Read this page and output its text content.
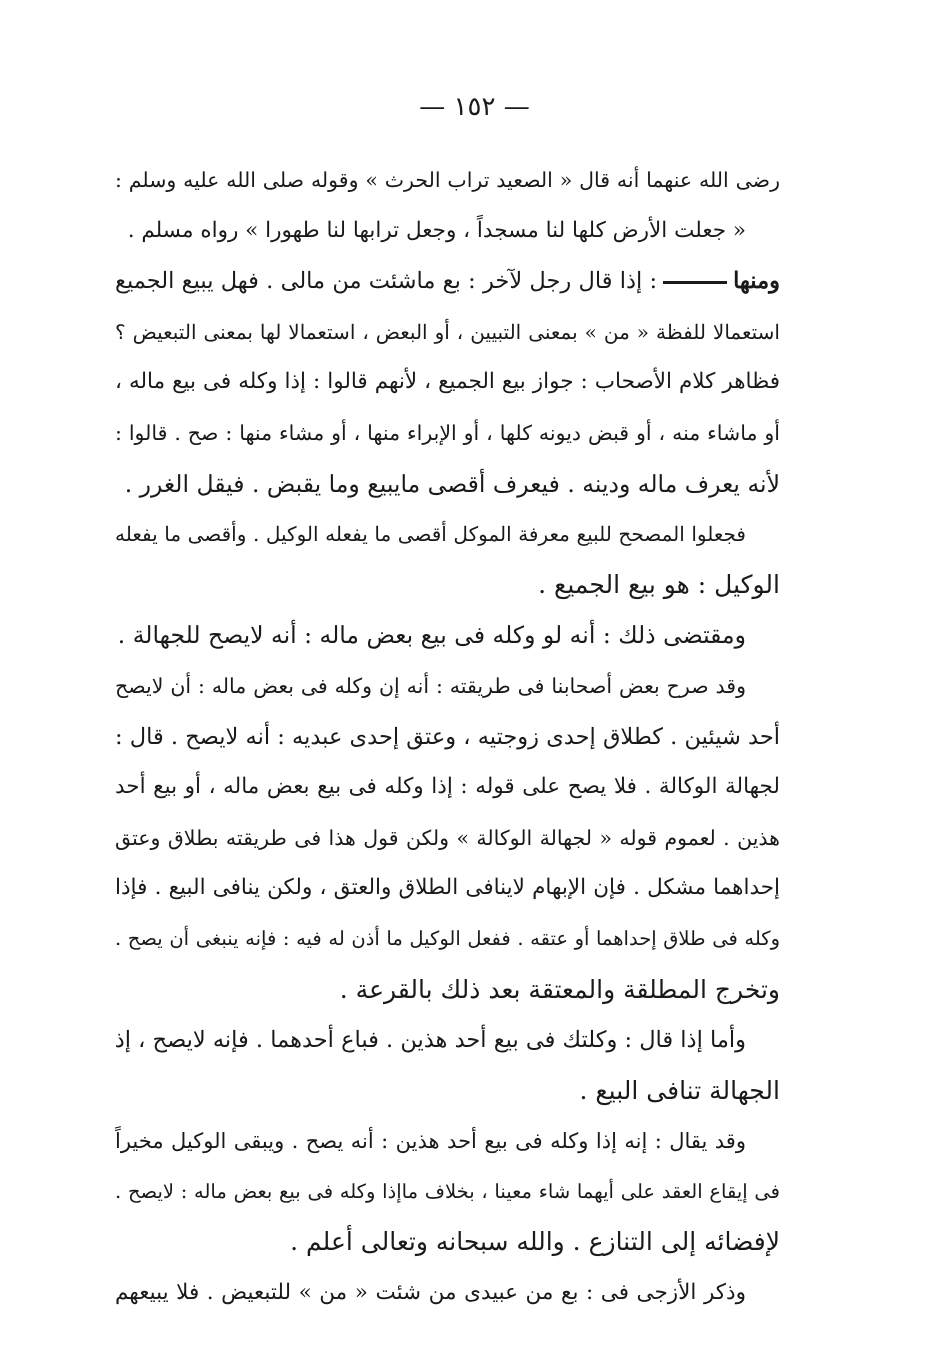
— ١٥٢ —
رضى الله عنهما أنه قال « الصعيد تراب الحرث » وقوله صلى الله عليه وسلم :
« جعلت الأرض كلها لنا مسجداً ، وجعل ترابها لنا طهورا » رواه مسلم .
ومنها: إذا قال رجل لآخر : بع ماشئت من مالى . فهل يبيع الجميع
استعمالا للفظة « من » بمعنى التبيين ، أو البعض ، استعمالا لها بمعنى التبعيض ؟
فظاهر كلام الأصحاب : جواز بيع الجميع ، لأنهم قالوا : إذا وكله فى بيع ماله ،
أو ماشاء منه ، أو قبض ديونه كلها ، أو الإبراء منها ، أو مشاء منها : صح . قالوا :
لأنه يعرف ماله ودينه . فيعرف أقصى مايبيع وما يقبض . فيقل الغرر .
فجعلوا المصحح للبيع معرفة الموكل أقصى ما يفعله الوكيل . وأقصى ما يفعله
الوكيل : هو بيع الجميع .
ومقتضى ذلك : أنه لو وكله فى بيع بعض ماله : أنه لايصح للجهالة .
وقد صرح بعض أصحابنا فى طريقته : أنه إن وكله فى بعض ماله : أن لايصح
أحد شيئين . كطلاق إحدى زوجتيه ، وعتق إحدى عبديه : أنه لايصح . قال :
لجهالة الوكالة . فلا يصح على قوله : إذا وكله فى بيع بعض ماله ، أو بيع أحد
هذين . لعموم قوله « لجهالة الوكالة » ولكن قول هذا فى طريقته بطلاق وعتق
إحداهما مشكل . فإن الإبهام لاينافى الطلاق والعتق ، ولكن ينافى البيع . فإذا
وكله فى طلاق إحداهما أو عتقه . ففعل الوكيل ما أذن له فيه : فإنه ينبغى أن يصح .
وتخرج المطلقة والمعتقة بعد ذلك بالقرعة .
وأما إذا قال : وكلتك فى بيع أحد هذين . فباع أحدهما . فإنه لايصح ، إذ
الجهالة تنافى البيع .
وقد يقال : إنه إذا وكله فى بيع أحد هذين : أنه يصح . ويبقى الوكيل مخيراً
فى إيقاع العقد على أيهما شاء معينا ، بخلاف ماإذا وكله فى بيع بعض ماله : لايصح .
لإفضائه إلى التنازع . والله سبحانه وتعالى أعلم .
وذكر الأزجى فى : بع من عبيدى من شئت « من » للتبعيض . فلا يبيعهم
